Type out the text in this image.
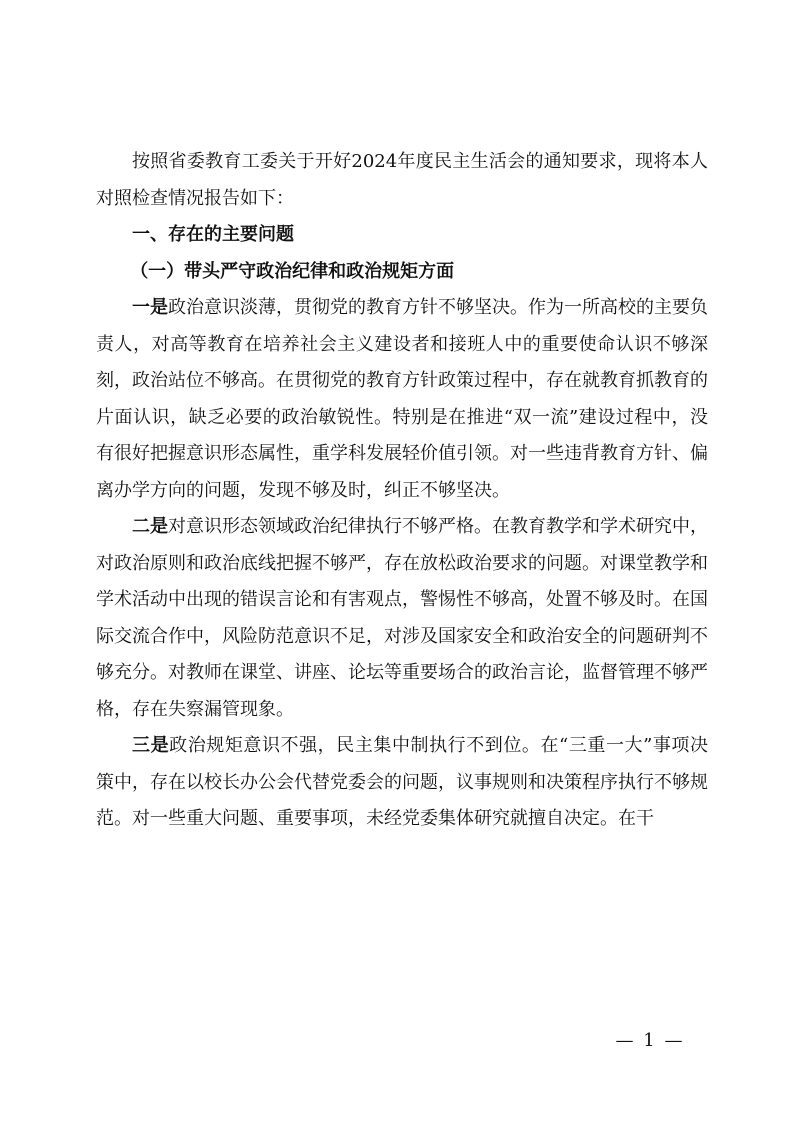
按照省委教育工委关于开好2024年度民主生活会的通知要求，现将本人对照检查情况报告如下：

一、存在的主要问题

（一）带头严守政治纪律和政治规矩方面

一是政治意识淡薄，贯彻党的教育方针不够坚决。作为一所高校的主要负责人，对高等教育在培养社会主义建设者和接班人中的重要使命认识不够深刻，政治站位不够高。在贯彻党的教育方针政策过程中，存在就教育抓教育的片面认识，缺乏必要的政治敏锐性。特别是在推进“双一流”建设过程中，没有很好把握意识形态属性，重学科发展轻价值引领。对一些违背教育方针、偏离办学方向的问题，发现不够及时，纠正不够坚决。

二是对意识形态领域政治纪律执行不够严格。在教育教学和学术研究中，对政治原则和政治底线把握不够严，存在放松政治要求的问题。对课堂教学和学术活动中出现的错误言论和有害观点，警惕性不够高，处置不够及时。在国际交流合作中，风险防范意识不足，对涉及国家安全和政治安全的问题研判不够充分。对教师在课堂、讲座、论坛等重要场合的政治言论，监督管理不够严格，存在失察漏管现象。

三是政治规矩意识不强，民主集中制执行不到位。在“三重一大”事项决策中，存在以校长办公会代替党委会的问题，议事规则和决策程序执行不够规范。对一些重大问题、重要事项，未经党委集体研究就擅自决定。在干

— 1 —
